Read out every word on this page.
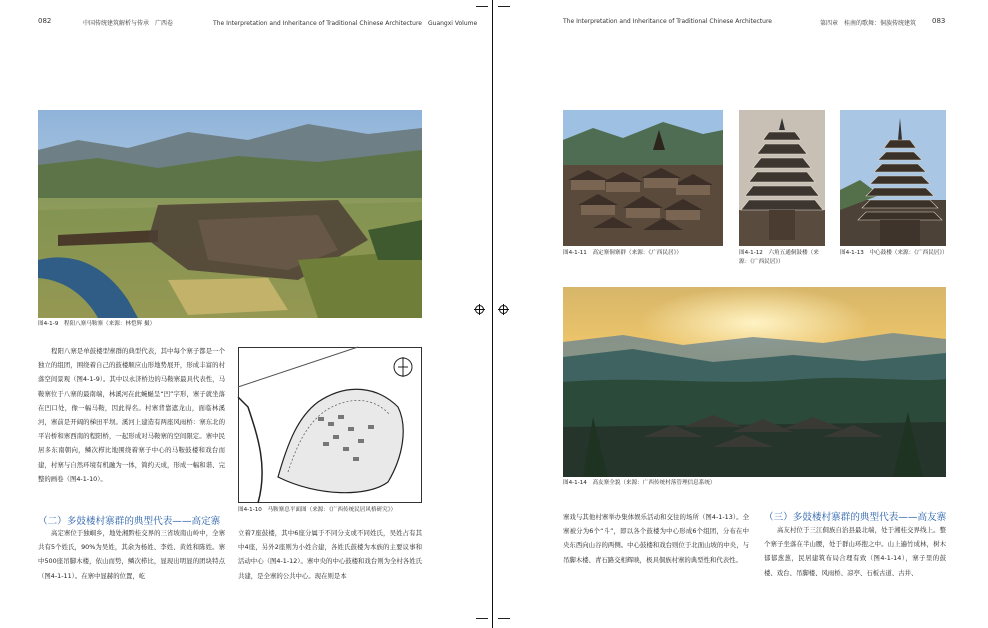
082	中国传统建筑解析与传承　广西卷	The Interpretation and Inheritance of Traditional Chinese Architecture　Guangxi Volume
图4-1-9　程阳八寨马鞍寨（来源：林恺辉 摄）
程阳八寨是单鼓楼型寨群的典型代表，其中每个寨子都是一个独立的组团，围绕着自己的鼓楼顺应山形地势展开，形成丰富的村落空间景观（图4-1-9）。其中以永济桥边的马鞍寨最具代表性，马鞍寨位于八寨的最南端，林溪河在此蜿蜒呈“凹”字形，寨子就坐落在凹口处，像一幅马鞍，因此得名。村寨背靠遮龙山，面临林溪河，寨前是开阔的梯田平坝。溪河上建造有两座风雨桥：寨东北的平岩桥和寨西南的程阳桥，一起形成对马鞍寨的空间限定。寨中民居多东南朝向，鳞次栉比地围绕着寨子中心的马鞍鼓楼和戏台而建，村寨与自然环境有机融为一体，简约天成，形成一幅和谐、完整的画卷（图4-1-10）。
图4-1-10　马鞍寨总平面图（来源：《广西传统民居风格研究》）
（二）多鼓楼村寨群的典型代表——高定寨
高定寨位于独峒乡，地处湘黔桂交界的三省坡南山岭中，全寨共有5个姓氏，90%为吴姓，其余为杨姓、李姓、黄姓和陈姓。寨中500座吊脚木楼，依山而势，鳞次栉比，显现出明显的团块特点（图4-1-11）。在寨中显赫的位置，屹
立着7座鼓楼，其中6座分属于不同分支或不同姓氏，吴姓占有其中4座，另外2座则为小姓合建，各姓氏鼓楼为本族的主要议事和活动中心（图4-1-12）。寨中央的中心鼓楼和戏台则为全村各姓氏共建，是全寨的公共中心。现在则是本
The Interpretation and Inheritance of Traditional Chinese Architecture	第四章　桂南的歌舞：侗族传统建筑 083
图4-1-11　高定寨侗寨群（来源：《广西民居》）	图4-1-12　六角五通侗鼓楼（来源：《广西民居》）
图4-1-13　中心鼓楼（来源：《广西民居》）
图4-1-14　高友寨全貌（来源：广西传统村落管理信息系统）
寨戏与其他村寨举办集体娱乐活动和交往的场所（图4-1-13）。全寨被分为6个“斗”，即以各个鼓楼为中心形成6个组团，分布在中央东西向山谷的两侧。中心鼓楼和戏台则位于北面山坡的中央，与吊脚木楼、青石路交相辉映，极具侗族村寨的典型性和代表性。
（三）多鼓楼村寨群的典型代表——高友寨
高友村位于三江侗族自治县最北端，处于湘桂交界线上。整个寨子坐落在半山腰，处于群山环抱之中。山上遍竹成林，树木郁郁葱葱，民居建筑布局合理有致（图4-1-14），寨子里的鼓楼、戏台、吊脚楼、风雨桥、凉亭、石板古道、古井、
